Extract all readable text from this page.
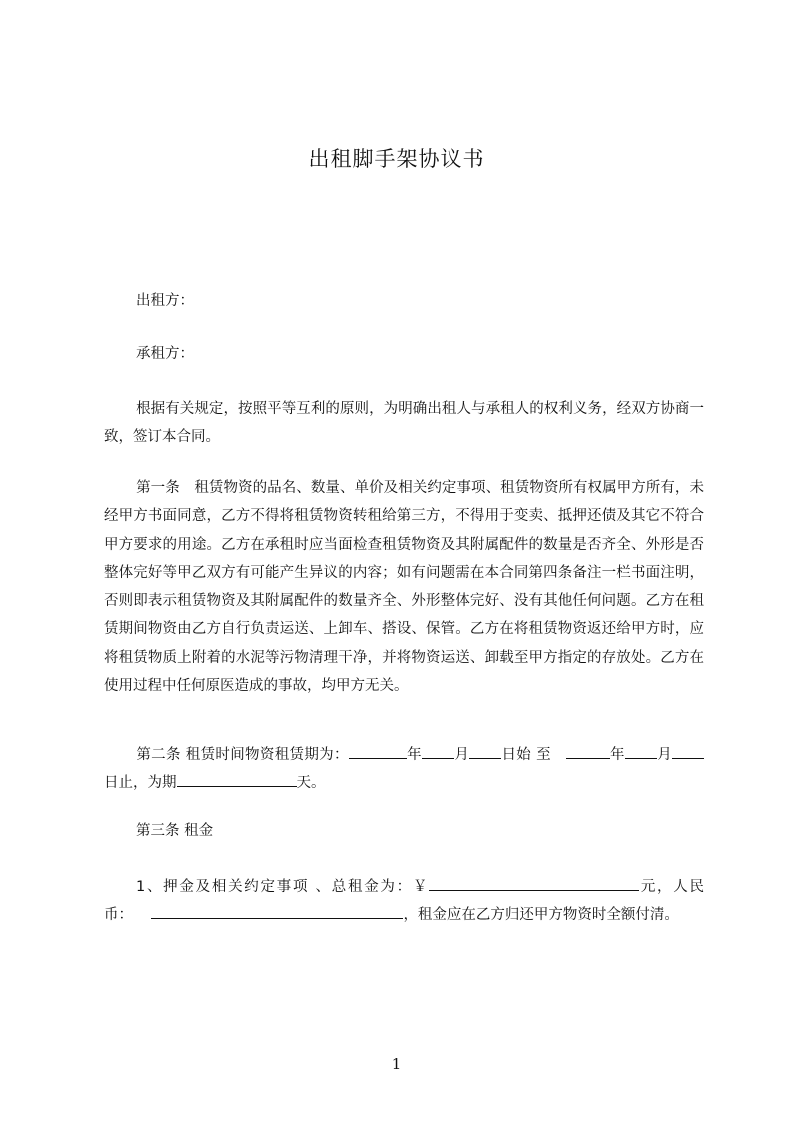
出租脚手架协议书
出租方：
承租方：
根据有关规定，按照平等互利的原则，为明确出租人与承租人的权利义务，经双方协商一致，签订本合同。
第一条　租赁物资的品名、数量、单价及相关约定事项、租赁物资所有权属甲方所有，未经甲方书面同意，乙方不得将租赁物资转租给第三方，不得用于变卖、抵押还债及其它不符合甲方要求的用途。乙方在承租时应当面检查租赁物资及其附属配件的数量是否齐全、外形是否整体完好等甲乙双方有可能产生异议的内容；如有问题需在本合同第四条备注一栏书面注明，否则即表示租赁物资及其附属配件的数量齐全、外形整体完好、没有其他任何问题。乙方在租赁期间物资由乙方自行负责运送、上卸车、搭设、保管。乙方在将租赁物资返还给甲方时，应将租赁物质上附着的水泥等污物清理干净，并将物资运送、卸载至甲方指定的存放处。乙方在使用过程中任何原医造成的事故，均甲方无关。
第二条 租赁时间物资租赁期为：	年 月 日始 至	年 月日止，为期	天。
第三条 租金
1、押金及相关约定事项 、总租金为：￥	元，人民币：	，租金应在乙方归还甲方物资时全额付清。
1
